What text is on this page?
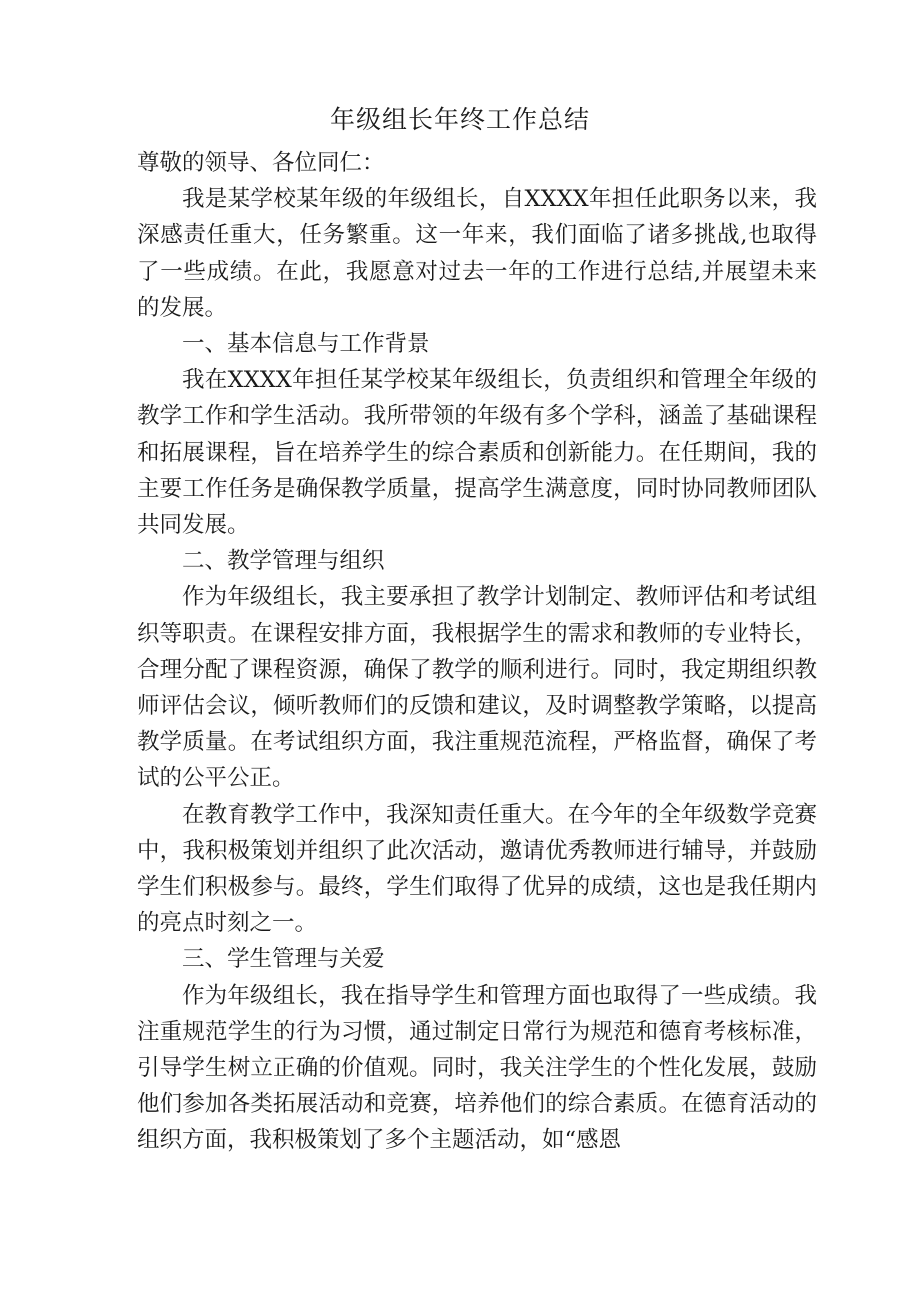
年级组长年终工作总结

尊敬的领导、各位同仁：

我是某学校某年级的年级组长，自XXXX年担任此职务以来，我深感责任重大，任务繁重。这一年来，我们面临了诸多挑战,也取得了一些成绩。在此，我愿意对过去一年的工作进行总结,并展望未来的发展。

一、基本信息与工作背景

我在XXXX年担任某学校某年级组长，负责组织和管理全年级的教学工作和学生活动。我所带领的年级有多个学科，涵盖了基础课程和拓展课程，旨在培养学生的综合素质和创新能力。在任期间，我的主要工作任务是确保教学质量，提高学生满意度，同时协同教师团队共同发展。

二、教学管理与组织

作为年级组长，我主要承担了教学计划制定、教师评估和考试组织等职责。在课程安排方面，我根据学生的需求和教师的专业特长，合理分配了课程资源，确保了教学的顺利进行。同时，我定期组织教师评估会议，倾听教师们的反馈和建议，及时调整教学策略，以提高教学质量。在考试组织方面，我注重规范流程，严格监督，确保了考试的公平公正。

在教育教学工作中，我深知责任重大。在今年的全年级数学竞赛中，我积极策划并组织了此次活动，邀请优秀教师进行辅导，并鼓励学生们积极参与。最终，学生们取得了优异的成绩，这也是我任期内的亮点时刻之一。

三、学生管理与关爱

作为年级组长，我在指导学生和管理方面也取得了一些成绩。我注重规范学生的行为习惯，通过制定日常行为规范和德育考核标准，引导学生树立正确的价值观。同时，我关注学生的个性化发展，鼓励他们参加各类拓展活动和竞赛，培养他们的综合素质。在德育活动的组织方面，我积极策划了多个主题活动，如“感恩
